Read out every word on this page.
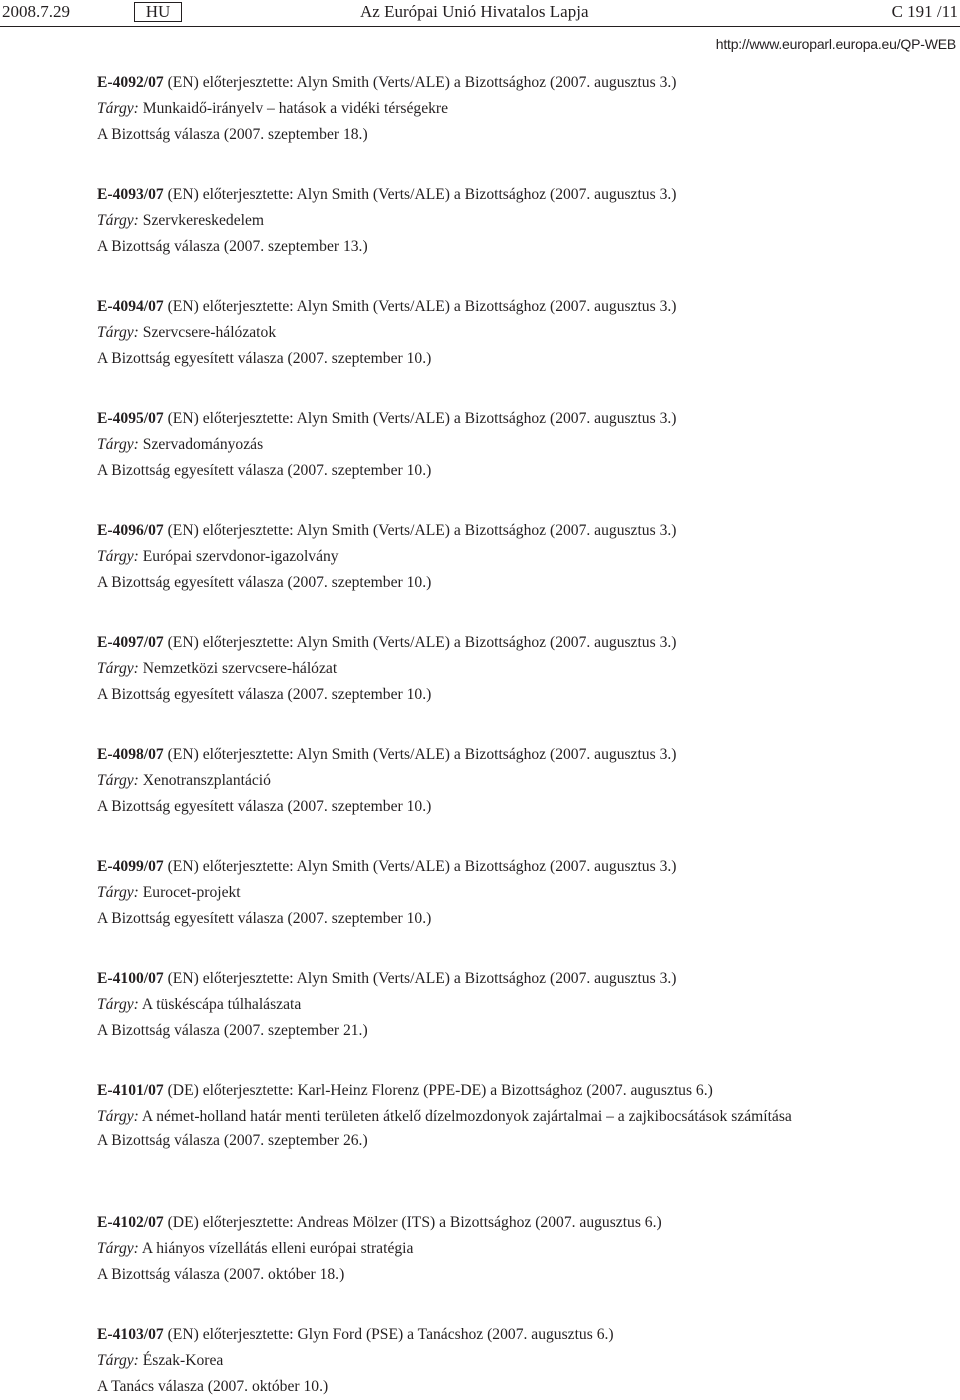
2008.7.29	HU	Az Európai Unió Hivatalos Lapja	C 191 /11
http://www.europarl.europa.eu/QP-WEB

E-4092/07 (EN) előterjesztette: Alyn Smith (Verts/ALE) a Bizottsághoz (2007. augusztus 3.)

Tárgy: Munkaidő-irányelv – hatások a vidéki térségekre

A Bizottság válasza (2007. szeptember 18.)

E-4093/07 (EN) előterjesztette: Alyn Smith (Verts/ALE) a Bizottsághoz (2007. augusztus 3.)

Tárgy: Szervkereskedelem

A Bizottság válasza (2007. szeptember 13.)

E-4094/07 (EN) előterjesztette: Alyn Smith (Verts/ALE) a Bizottsághoz (2007. augusztus 3.)

Tárgy: Szervcsere-hálózatok

A Bizottság egyesített válasza (2007. szeptember 10.)

E-4095/07 (EN) előterjesztette: Alyn Smith (Verts/ALE) a Bizottsághoz (2007. augusztus 3.)

Tárgy: Szervadományozás

A Bizottság egyesített válasza (2007. szeptember 10.)

E-4096/07 (EN) előterjesztette: Alyn Smith (Verts/ALE) a Bizottsághoz (2007. augusztus 3.)

Tárgy: Európai szervdonor-igazolvány

A Bizottság egyesített válasza (2007. szeptember 10.)

E-4097/07 (EN) előterjesztette: Alyn Smith (Verts/ALE) a Bizottsághoz (2007. augusztus 3.)

Tárgy: Nemzetközi szervcsere-hálózat

A Bizottság egyesített válasza (2007. szeptember 10.)

E-4098/07 (EN) előterjesztette: Alyn Smith (Verts/ALE) a Bizottsághoz (2007. augusztus 3.)

Tárgy: Xenotranszplantáció

A Bizottság egyesített válasza (2007. szeptember 10.)

E-4099/07 (EN) előterjesztette: Alyn Smith (Verts/ALE) a Bizottsághoz (2007. augusztus 3.)

Tárgy: Eurocet-projekt

A Bizottság egyesített válasza (2007. szeptember 10.)

E-4100/07 (EN) előterjesztette: Alyn Smith (Verts/ALE) a Bizottsághoz (2007. augusztus 3.)

Tárgy: A tüskéscápa túlhalászata

A Bizottság válasza (2007. szeptember 21.)

E-4101/07 (DE) előterjesztette: Karl-Heinz Florenz (PPE-DE) a Bizottsághoz (2007. augusztus 6.)

Tárgy: A német-holland határ menti területen átkelő dízelmozdonyok zajártalmai – a zajkibocsátások számítása

A Bizottság válasza (2007. szeptember 26.)

E-4102/07 (DE) előterjesztette: Andreas Mölzer (ITS) a Bizottsághoz (2007. augusztus 6.)

Tárgy: A hiányos vízellátás elleni európai stratégia

A Bizottság válasza (2007. október 18.)

E-4103/07 (EN) előterjesztette: Glyn Ford (PSE) a Tanácshoz (2007. augusztus 6.)

Tárgy: Észak-Korea

A Tanács válasza (2007. október 10.)
